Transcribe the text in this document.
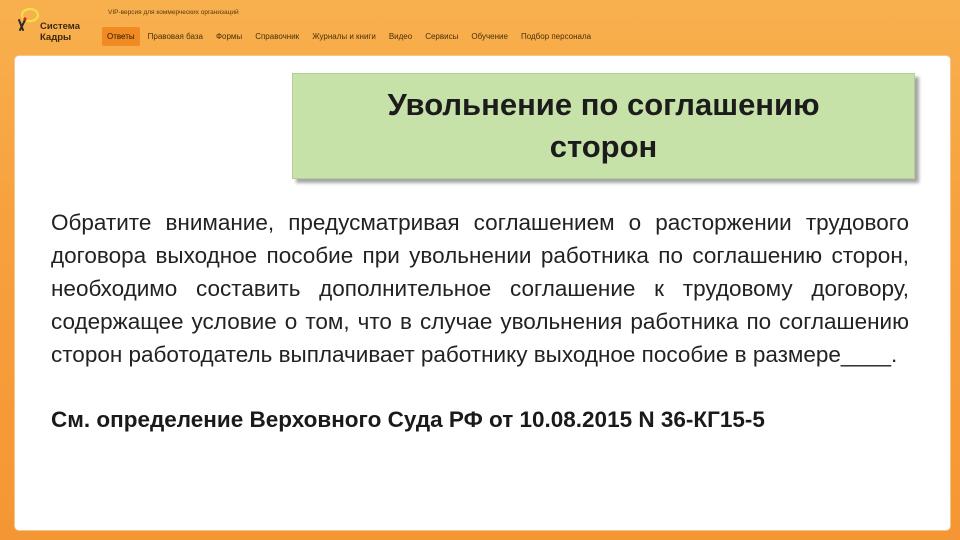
Система
Кадры
VIP-версия для коммерческих организаций
Ответы	Правовая база	Формы	Справочник	Журналы и книги	Видео	Сервисы	Обучение	Подбор персонала
Увольнение по соглашению
сторон
Обратите внимание, предусматривая соглашением о расторжении трудового договора выходное пособие при увольнении работника по соглашению сторон, необходимо составить дополнительное соглашение к трудовому договору, содержащее условие о том, что в случае увольнения работника по соглашению сторон работодатель выплачивает работнику выходное пособие в размере____.
См. определение Верховного Суда РФ от 10.08.2015 N 36-КГ15-5
